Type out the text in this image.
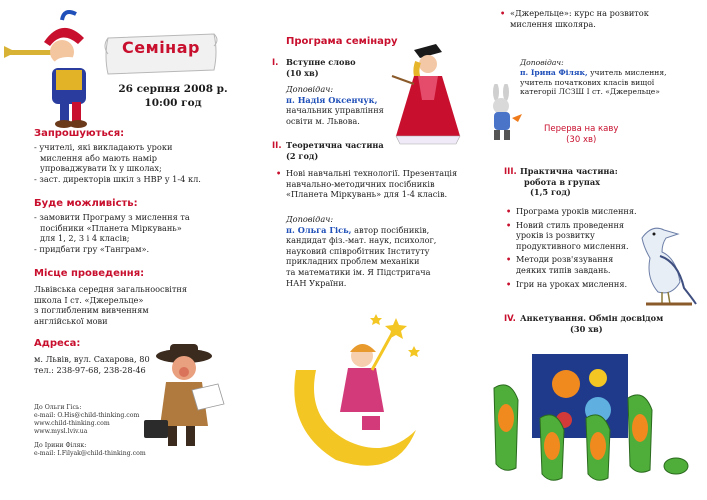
Семінар
26 серпня 2008 р.
10:00 год
Запрошуються:
- учителі, які викладають уроки
мислення або мають намір
упроваджувати їх у школах;
- заст. директорів шкіл з НВР у 1-4 кл.
Буде можливість:
- замовити Програму з мислення та
посібники «Планета Міркувань»
для 1, 2, 3 і 4 класів;
- придбати гру «Танграм».
Місце проведення:
Львівська середня загальноосвітня
школа І ст. «Джерельце»
з поглибленим вивченням
англійської мови
Адреса:
м. Львів, вул. Сахарова, 80
тел.: 238-97-68, 238-28-46
До Ольги Гісь:
e-mail: O.His@child-thinking.com
www.child-thinking.com
www.mysl.lviv.ua
До Ірини Філяк:
e-mail: I.Filyak@child-thinking.com
Програма семінару
І. Вступне слово
(10 хв)
Доповідач:
п. Надія Оксенчук,
начальник управління
освіти м. Львова.
ІІ. Теоретична частина
(2 год)
• Нові навчальні технології. Презентація навчально-методичних посібників «Планета Міркувань» для 1-4 класів.
Доповідач:
п. Ольга Гісь, автор посібників,
кандидат фіз.-мат. наук, психолог,
науковий співробітник Інституту
прикладних проблем механіки
та математики ім. Я Підстригача
НАН України.
• «Джерельце»: курс на розвиток
мислення школяра.
Доповідач:
п. Ірина Філяк, учитель мислення,
учитель початкових класів вищої
категорії ЛСЗШ І ст. «Джерельце»
Перерва на каву
(30 хв)
ІІІ. Практична частина:
робота в групах
(1,5 год)
• Програма уроків мислення.
• Новий стиль проведення уроків із розвитку продуктивного мислення.
• Методи розв'язування деяких типів завдань.
• Ігри на уроках мислення.
IV. Анкетування. Обмін досвідом
(30 хв)
